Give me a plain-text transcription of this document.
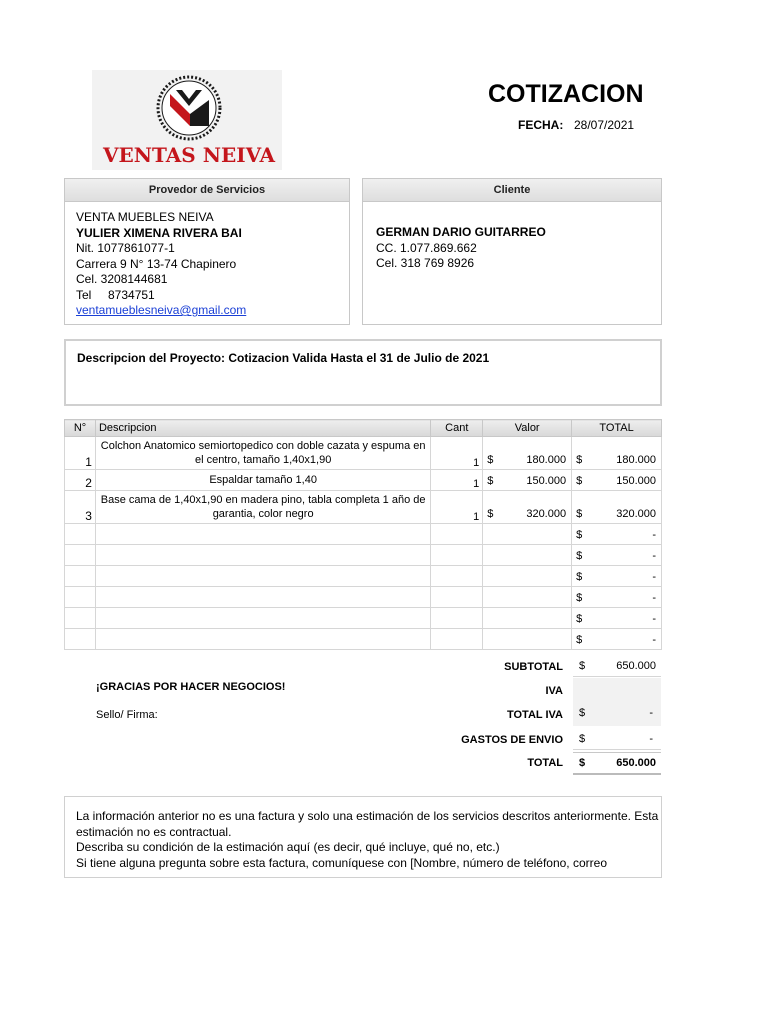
VENTAS NEIVA
COTIZACION
FECHA: 28/07/2021
Provedor de Servicios
VENTA MUEBLES NEIVA
YULIER XIMENA RIVERA BAI
Nit. 1077861077-1
Carrera 9 N° 13-74 Chapinero
Cel. 3208144681
Tel     8734751
ventamueblesneiva@gmail.com
Cliente
GERMAN DARIO GUITARREO
CC. 1.077.869.662
Cel. 318 769 8926
Descripcion del Proyecto: Cotizacion Valida Hasta el 31 de Julio de 2021
N°	Descripcion	Cant	Valor	TOTAL
1	Colchon Anatomico semiortopedico con doble cazata y espuma en el centro, tamaño 1,40x1,90	1	$ 180.000	$ 180.000

2	Espaldar tamaño 1,40	1	$ 150.000	$ 150.000

3	Base cama de 1,40x1,90 en madera pino, tabla completa 1 año de garantia, color negro	1	$ 320.000	$ 320.000

				$ -

				$ -

				$ -

				$ -

				$ -

				$ -
¡GRACIAS POR HACER NEGOCIOS!
Sello/ Firma:
SUBTOTAL $	650.000
IVA
TOTAL IVA $	-
GASTOS DE ENVIO $	-
TOTAL $	650.000
La información anterior no es una factura y solo una estimación de los servicios descritos anteriormente. Esta
estimación no es contractual.
Describa su condición de la estimación aquí (es decir, qué incluye, qué no, etc.)
Si tiene alguna pregunta sobre esta factura, comuníquese con [Nombre, número de teléfono, correo
